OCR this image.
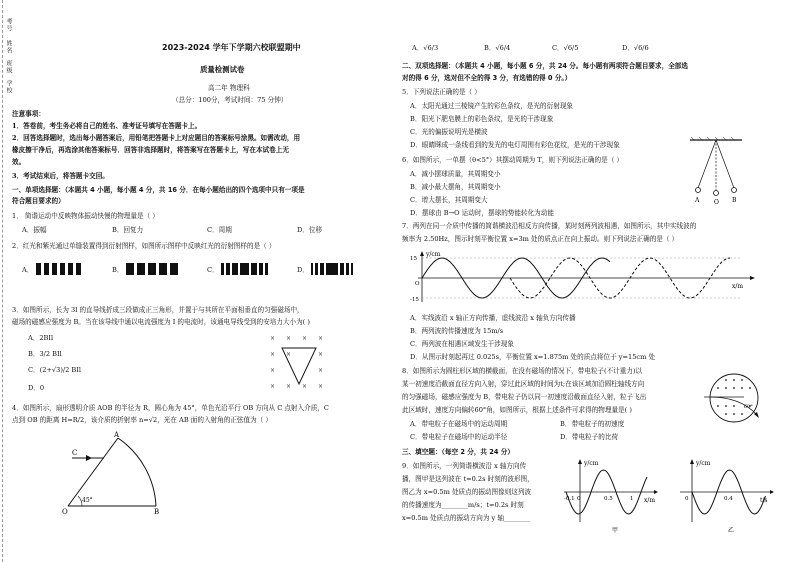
考号
姓名
班级
学校
2023-2024 学年下学期六校联盟期中
质量检测试卷
高二年 物理科
（总分：100分，考试时间：75 分钟）
注意事项：
1．答卷前，考生务必将自己的姓名、准考证号填写在答题卡上。
2．回答选择题时，选出每小题答案后，用铅笔把答题卡上对应题目的答案标号涂黑。如需改动，用
橡皮擦干净后，再选涂其他答案标号．回答非选择题时，将答案写在答题卡上，写在本试卷上无
效。
3．考试结束后，将答题卡交回。
一、单项选择题：（本题共 4 小题，每小题 4 分，共 16 分．在每小题给出的四个选项中只有一项是
符合题目要求的）
1． 简谐运动中反映物体振动快慢的物理量是（ ）
A．振幅	B．回复力	C．周期	D．位移
2．红光和紫光通过单缝装置得到衍射图样，如图所示图样中反映红光的衍射图样的是（ ）
A．	B．	C．	D．
3．如图所示，长为 3l 的直导线折成三段做成正三角形，并置于与其所在平面相垂直的匀强磁场中，
磁场的磁感应强度为 B。当在该导线中通以电流强度为 I 的电流时，该通电导线受到的安培力大小为( )
A．2BIl
B．3/2 BIl
C．(2+√3)/2 BIl
D．0
× × × ×
× ×	×
×	×
× × × ×
4．如图所示，扇形透明介质 AOB 的半径为 R，圆心角为 45°，单色光沿平行 OB 方向从 C 点射入介质，C
点到 OB 的距离 H=R/2，该介质的折射率 n=√2，光在 AB 面的入射角的正弦值为（ ）
A
C
O	B
45°
A．√6/3	B．√6/4	C．√6/5	D．√6/6
二、双项选择题：（本题共 4 小题，每小题 6 分，共 24 分。每小题有两项符合题目要求，全部选
对的得 6 分，选对但不全的得 3 分，有选错的得 0 分。）
5．下列说法正确的是（ ）
A．太阳光通过三棱镜产生的彩色条纹，是光的衍射现象
B．阳光下肥皂膜上的彩色条纹，是光的干涉现象
C．光的偏振说明光是横波
D．眼睛眯成一条线看到的发光的电灯周围有彩色花纹，是光的干涉现象
6．如图所示，一单摆（θ<5°）其摆动周期为 T，则下列说法正确的是（ ）
A．减小摆球质量，其周期变小
B．减小最大摆角，其周期变小
C．增大摆长，其周期变大
D．摆球由 B→O 运动时，摆球的势能转化为动能
A O B
7．两列在同一介质中传播的简谐横波沿相反方向传播，某时刻两列波相遇，如图所示，其中实线波的
频率为 2.50Hz，图示时刻平衡位置 x=3m 处的质点正在向上振动。则下列说法正确的是（ ）
y/cm
x/m
15
-15
O
A．实线波沿 x 轴正方向传播，虚线波沿 x 轴负方向传播
B．两列波的传播速度为 15m/s
C．两列波在相遇区域发生干涉现象
D．从图示时刻起再过 0.025s，平衡位置 x=1.875m 处的质点将位于 y=15cm 处
8．如图所示为圆柱形区域的横截面，在没有磁场的情况下，带电粒子(不计重力)以
某一初速度沿截面直径方向入射，穿过此区域的时间为t;在该区域加沿圆柱轴线方向
的匀强磁场，磁感应强度为 B，带电粒子仍以同一初速度沿截面直径入射，粒子飞出
此区域时，速度方向偏转60°角，如图所示，根据上述条件可求得的物理量是( )
A．带电粒子在磁场中的运动周期	B．带电粒子的初速度
C．带电粒子在磁场中的运动半径	D．带电粒子的比荷
60°
三、填空题：（每空 2 分，共 24 分）
9．如图所示，一列简谐横波沿 x 轴方向传
播，图甲是这列波在 t=0.2s 时刻的波形图，
图乙为 x=0.5m 处质点的振动图像则这列波
的传播速度为________m/s；t=0.2s 时刻
x=0.5m 处质点的振动方向为 y 轴________
y/cm
x/m
-0.1 0	0.5	1
甲
y/cm
t/s
0	0.4
乙
